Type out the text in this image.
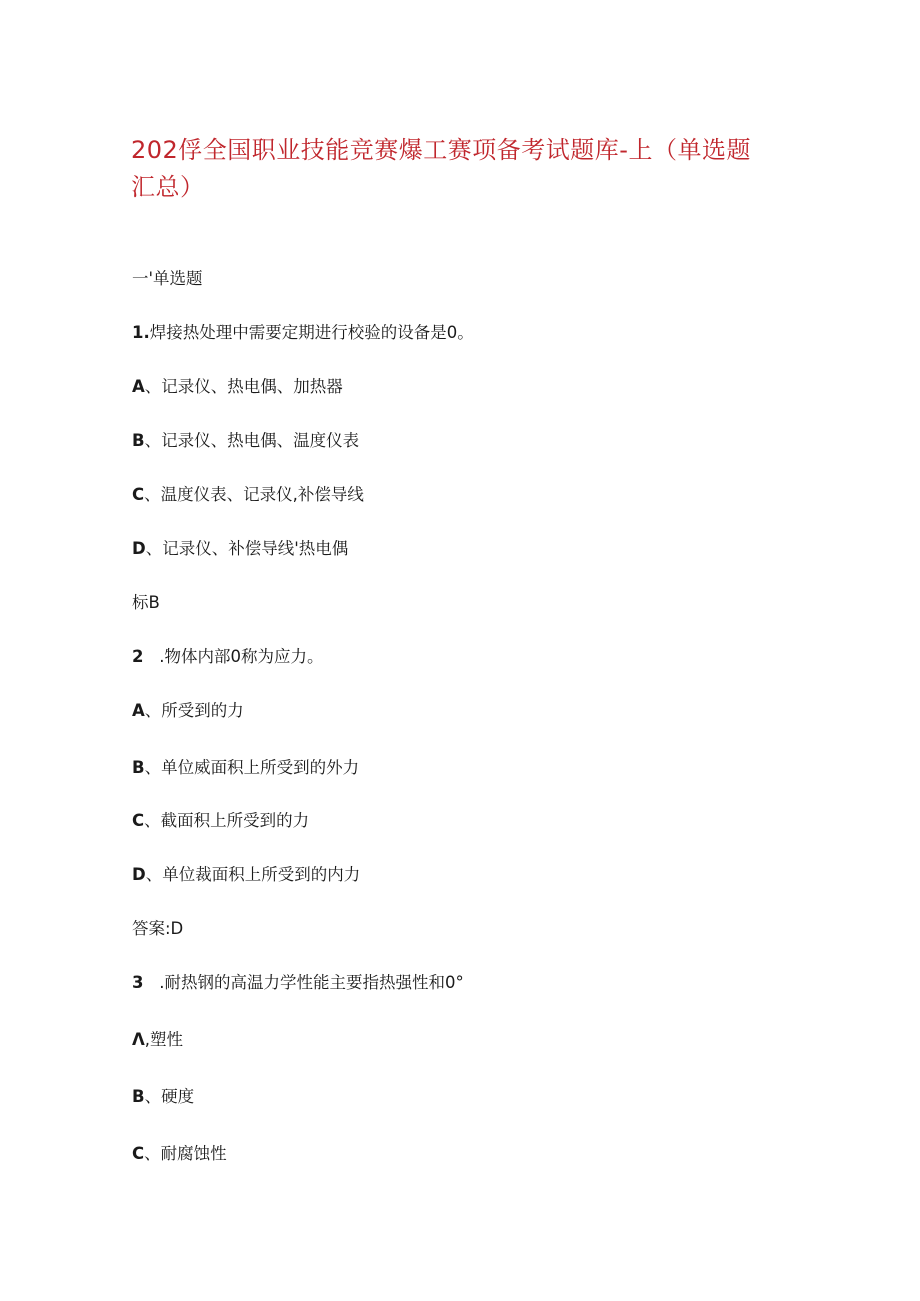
202俘全国职业技能竞赛爆工赛项备考试题库-上（单选题汇总）

一'单选题

1.焊接热处理中需要定期进行校验的设备是0。

A、记录仪、热电偶、加热器

B、记录仪、热电偶、温度仪表

C、温度仪表、记录仪,补偿导线

D、记录仪、补偿导线'热电偶

标B

2   .物体内部0称为应力。

A、所受到的力

B、单位威面积上所受到的外力

C、截面积上所受到的力

D、单位裁面积上所受到的内力

答案:D

3   .耐热钢的高温力学性能主要指热强性和0°

Λ,塑性

B、硬度

C、耐腐蚀性
